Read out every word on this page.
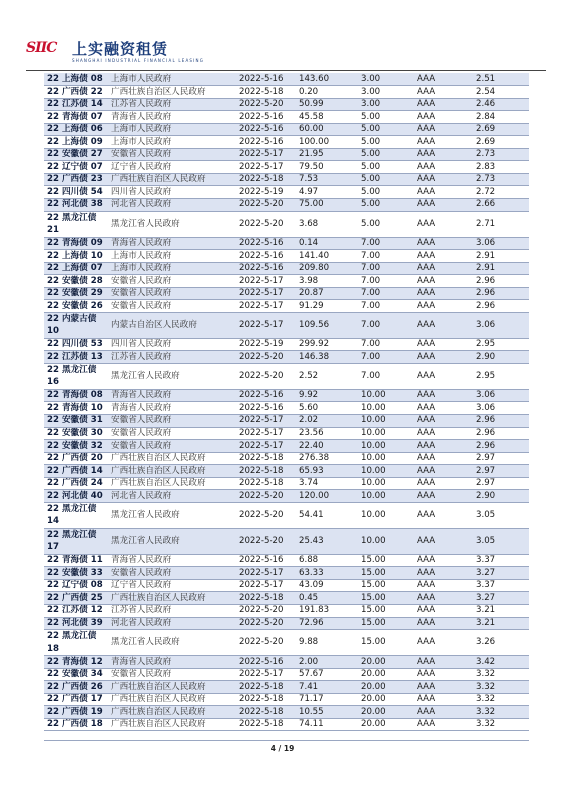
SIIC	上实融资租赁
SHANGHAI INDUSTRIAL FINANCIAL LEASING
22 上海债 08	上海市人民政府	2022-5-16	143.60	3.00	AAA	2.51
22 广西债 22	广西壮族自治区人民政府	2022-5-18	0.20	3.00	AAA	2.54
22 江苏债 14	江苏省人民政府	2022-5-20	50.99	3.00	AAA	2.46
22 青海债 07	青海省人民政府	2022-5-16	45.58	5.00	AAA	2.84
22 上海债 06	上海市人民政府	2022-5-16	60.00	5.00	AAA	2.69
22 上海债 09	上海市人民政府	2022-5-16	100.00	5.00	AAA	2.69
22 安徽债 27	安徽省人民政府	2022-5-17	21.95	5.00	AAA	2.73
22 辽宁债 07	辽宁省人民政府	2022-5-17	79.50	5.00	AAA	2.83
22 广西债 23	广西壮族自治区人民政府	2022-5-18	7.53	5.00	AAA	2.73
22 四川债 54	四川省人民政府	2022-5-19	4.97	5.00	AAA	2.72
22 河北债 38	河北省人民政府	2022-5-20	75.00	5.00	AAA	2.66
22 黑龙江债 21	黑龙江省人民政府	2022-5-20	3.68	5.00	AAA	2.71
22 青海债 09	青海省人民政府	2022-5-16	0.14	7.00	AAA	3.06
22 上海债 10	上海市人民政府	2022-5-16	141.40	7.00	AAA	2.91
22 上海债 07	上海市人民政府	2022-5-16	209.80	7.00	AAA	2.91
22 安徽债 28	安徽省人民政府	2022-5-17	3.98	7.00	AAA	2.96
22 安徽债 29	安徽省人民政府	2022-5-17	20.87	7.00	AAA	2.96
22 安徽债 26	安徽省人民政府	2022-5-17	91.29	7.00	AAA	2.96
22 内蒙古债 10	内蒙古自治区人民政府	2022-5-17	109.56	7.00	AAA	3.06
22 四川债 53	四川省人民政府	2022-5-19	299.92	7.00	AAA	2.95
22 江苏债 13	江苏省人民政府	2022-5-20	146.38	7.00	AAA	2.90
22 黑龙江债 16	黑龙江省人民政府	2022-5-20	2.52	7.00	AAA	2.95
22 青海债 08	青海省人民政府	2022-5-16	9.92	10.00	AAA	3.06
22 青海债 10	青海省人民政府	2022-5-16	5.60	10.00	AAA	3.06
22 安徽债 31	安徽省人民政府	2022-5-17	2.02	10.00	AAA	2.96
22 安徽债 30	安徽省人民政府	2022-5-17	23.56	10.00	AAA	2.96
22 安徽债 32	安徽省人民政府	2022-5-17	22.40	10.00	AAA	2.96
22 广西债 20	广西壮族自治区人民政府	2022-5-18	276.38	10.00	AAA	2.97
22 广西债 14	广西壮族自治区人民政府	2022-5-18	65.93	10.00	AAA	2.97
22 广西债 24	广西壮族自治区人民政府	2022-5-18	3.74	10.00	AAA	2.97
22 河北债 40	河北省人民政府	2022-5-20	120.00	10.00	AAA	2.90
22 黑龙江债 14	黑龙江省人民政府	2022-5-20	54.41	10.00	AAA	3.05
22 黑龙江债 17	黑龙江省人民政府	2022-5-20	25.43	10.00	AAA	3.05
22 青海债 11	青海省人民政府	2022-5-16	6.88	15.00	AAA	3.37
22 安徽债 33	安徽省人民政府	2022-5-17	63.33	15.00	AAA	3.27
22 辽宁债 08	辽宁省人民政府	2022-5-17	43.09	15.00	AAA	3.37
22 广西债 25	广西壮族自治区人民政府	2022-5-18	0.45	15.00	AAA	3.27
22 江苏债 12	江苏省人民政府	2022-5-20	191.83	15.00	AAA	3.21
22 河北债 39	河北省人民政府	2022-5-20	72.96	15.00	AAA	3.21
22 黑龙江债 18	黑龙江省人民政府	2022-5-20	9.88	15.00	AAA	3.26
22 青海债 12	青海省人民政府	2022-5-16	2.00	20.00	AAA	3.42
22 安徽债 34	安徽省人民政府	2022-5-17	57.67	20.00	AAA	3.32
22 广西债 26	广西壮族自治区人民政府	2022-5-18	7.41	20.00	AAA	3.32
22 广西债 17	广西壮族自治区人民政府	2022-5-18	71.17	20.00	AAA	3.32
22 广西债 19	广西壮族自治区人民政府	2022-5-18	10.55	20.00	AAA	3.32
22 广西债 18	广西壮族自治区人民政府	2022-5-18	74.11	20.00	AAA	3.32
4 / 19
